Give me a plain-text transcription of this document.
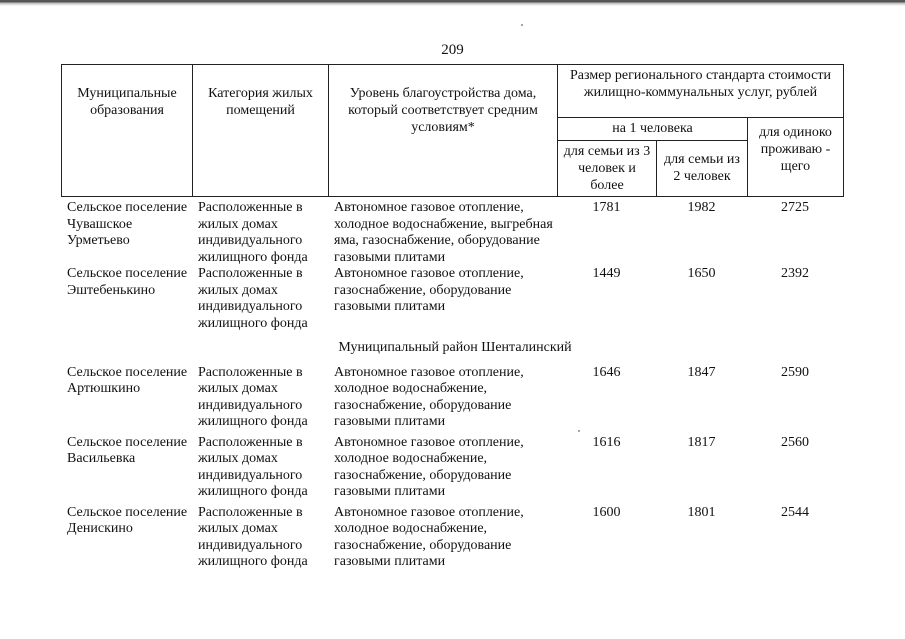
209
Муниципальные образования	Категория жилых помещений	Уровень благоустройства дома, который соответствует средним условиям*	Размер регионального стандарта стоимости жилищно-коммунальных услуг, рублей		
			на 1 человека		для одиноко проживаю - щего
			для семьи из 3 человек и более	для семьи из 2 человек	
Сельское поселение Чувашское Урметьево	Расположенные в жилых домах индивидуального жилищного фонда	Автономное газовое отопление, холодное водоснабжение, выгребная яма, газоснабжение, оборудование газовыми плитами	1781	1982	2725
Сельское поселение Эштебенькино	Расположенные в жилых домах индивидуального жилищного фонда	Автономное газовое отопление, газоснабжение, оборудование газовыми плитами	1449	1650	2392
Муниципальный район Шенталинский					
Сельское поселение Артюшкино	Расположенные в жилых домах индивидуального жилищного фонда	Автономное газовое отопление, холодное водоснабжение, газоснабжение, оборудование газовыми плитами	1646	1847	2590
Сельское поселение Васильевка	Расположенные в жилых домах индивидуального жилищного фонда	Автономное газовое отопление, холодное водоснабжение, газоснабжение, оборудование газовыми плитами	1616	1817	2560
Сельское поселение Денискино	Расположенные в жилых домах индивидуального жилищного фонда	Автономное газовое отопление, холодное водоснабжение, газоснабжение, оборудование газовыми плитами	1600	1801	2544
